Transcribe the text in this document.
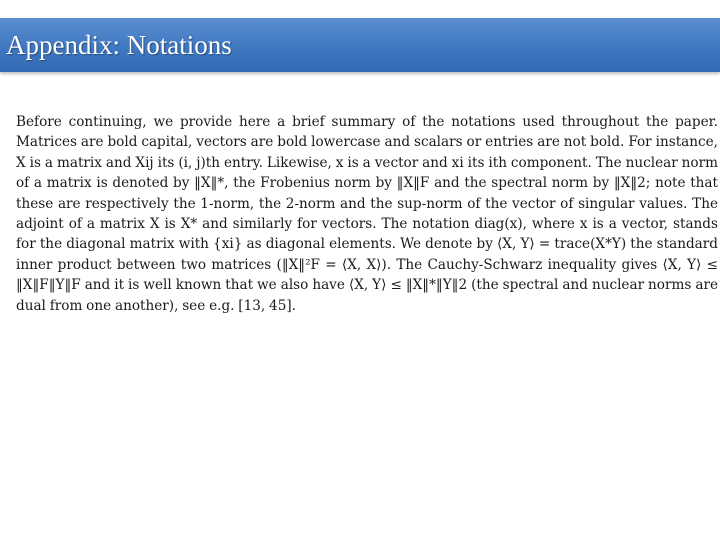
Appendix: Notations
Before continuing, we provide here a brief summary of the notations used throughout the paper. Matrices are bold capital, vectors are bold lowercase and scalars or entries are not bold. For instance, X is a matrix and Xij its (i, j)th entry. Likewise, x is a vector and xi its ith component. The nuclear norm of a matrix is denoted by ‖X‖*, the Frobenius norm by ‖X‖F and the spectral norm by ‖X‖2; note that these are respectively the 1-norm, the 2-norm and the sup-norm of the vector of singular values. The adjoint of a matrix X is X* and similarly for vectors. The notation diag(x), where x is a vector, stands for the diagonal matrix with {xi} as diagonal elements. We denote by ⟨X, Y⟩ = trace(X*Y) the standard inner product between two matrices (‖X‖²F = ⟨X, X⟩). The Cauchy-Schwarz inequality gives ⟨X, Y⟩ ≤ ‖X‖F‖Y‖F and it is well known that we also have ⟨X, Y⟩ ≤ ‖X‖*‖Y‖2 (the spectral and nuclear norms are dual from one another), see e.g. [13, 45].
